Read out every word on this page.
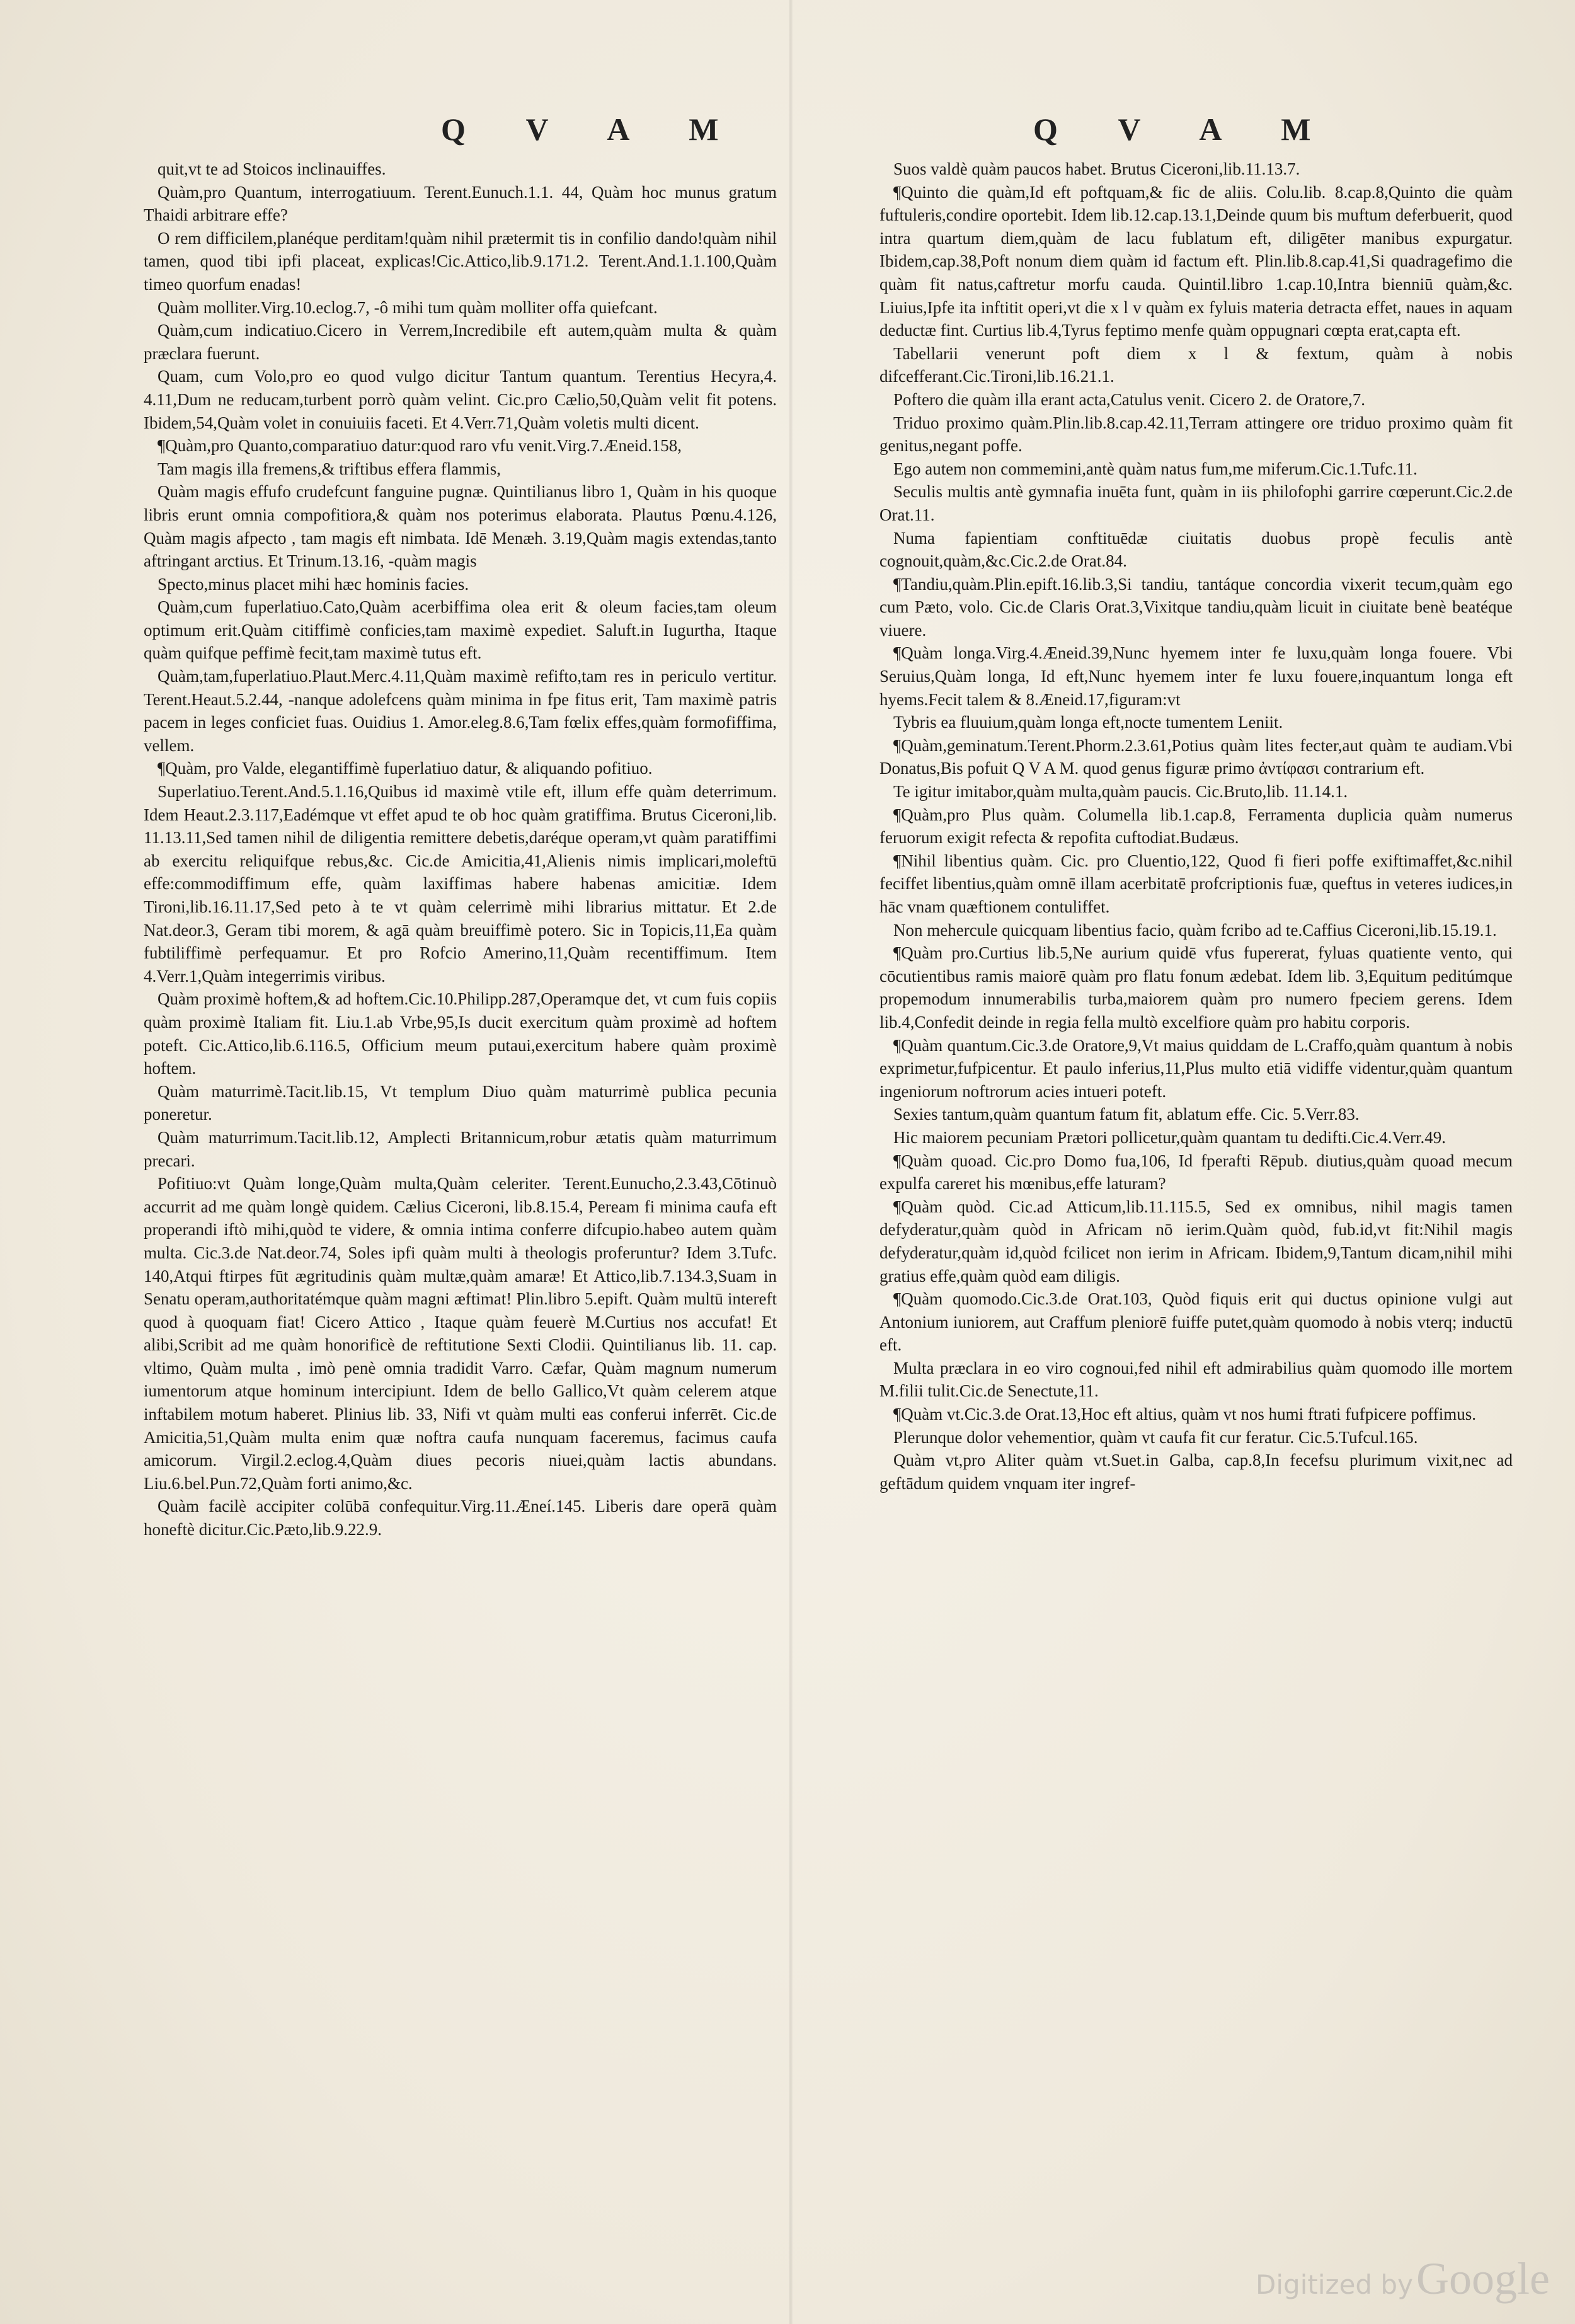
Q V A M	Q V A M

quit,vt te ad Stoicos inclinauiffes.

Quàm,pro Quantum, interrogatiuum. Terent.Eunuch.1.1. 44, Quàm hoc munus gratum Thaidi arbitrare effe?

O rem difficilem,planéque perditam!quàm nihil prætermit tis in confilio dando!quàm nihil tamen, quod tibi ipfi placeat, explicas!Cic.Attico,lib.9.171.2. Terent.And.1.1.100,Quàm timeo quorfum enadas!

Quàm molliter.Virg.10.eclog.7, -ô mihi tum quàm molliter offa quiefcant.

Quàm,cum indicatiuo.Cicero in Verrem,Incredibile eft autem,quàm multa & quàm præclara fuerunt.

Quam, cum Volo,pro eo quod vulgo dicitur Tantum quantum. Terentius Hecyra,4. 4.11,Dum ne reducam,turbent porrò quàm velint. Cic.pro Cælio,50,Quàm velit fit potens. Ibidem,54,Quàm volet in conuiuiis faceti. Et 4.Verr.71,Quàm voletis multi dicent.

¶Quàm,pro Quanto,comparatiuo datur:quod raro vfu venit.Virg.7.Æneid.158,

Tam magis illa fremens,& triftibus effera flammis,

Quàm magis effufo crudefcunt fanguine pugnæ. Quintilianus libro 1, Quàm in his quoque libris erunt omnia compofitiora,& quàm nos poterimus elaborata. Plautus Pœnu.4.126, Quàm magis afpecto , tam magis eft nimbata. Idē Menæh. 3.19,Quàm magis extendas,tanto aftringant arctius. Et Trinum.13.16, -quàm magis

Specto,minus placet mihi hæc hominis facies.

Quàm,cum fuperlatiuo.Cato,Quàm acerbiffima olea erit & oleum facies,tam oleum optimum erit.Quàm citiffimè conficies,tam maximè expediet. Saluft.in Iugurtha, Itaque quàm quifque peffimè fecit,tam maximè tutus eft.

Quàm,tam,fuperlatiuo.Plaut.Merc.4.11,Quàm maximè refifto,tam res in periculo vertitur. Terent.Heaut.5.2.44, -nanque adolefcens quàm minima in fpe fitus erit, Tam maximè patris pacem in leges conficiet fuas. Ouidius 1. Amor.eleg.8.6,Tam fœlix effes,quàm formofiffima, vellem.

¶Quàm, pro Valde, elegantiffimè fuperlatiuo datur, & aliquando pofitiuo.

Superlatiuo.Terent.And.5.1.16,Quibus id maximè vtile eft, illum effe quàm deterrimum. Idem Heaut.2.3.117,Eadémque vt effet apud te ob hoc quàm gratiffima. Brutus Ciceroni,lib. 11.13.11,Sed tamen nihil de diligentia remittere debetis,daréque operam,vt quàm paratiffimi ab exercitu reliquifque rebus,&c. Cic.de Amicitia,41,Alienis nimis implicari,moleftū effe:commodiffimum effe, quàm laxiffimas habere habenas amicitiæ. Idem Tironi,lib.16.11.17,Sed peto à te vt quàm celerrimè mihi librarius mittatur. Et 2.de Nat.deor.3, Geram tibi morem, & agā quàm breuiffimè potero. Sic in Topicis,11,Ea quàm fubtiliffimè perfequamur. Et pro Rofcio Amerino,11,Quàm recentiffimum. Item 4.Verr.1,Quàm integerrimis viribus.

Quàm proximè hoftem,& ad hoftem.Cic.10.Philipp.287,Operamque det, vt cum fuis copiis quàm proximè Italiam fit. Liu.1.ab Vrbe,95,Is ducit exercitum quàm proximè ad hoftem poteft. Cic.Attico,lib.6.116.5, Officium meum putaui,exercitum habere quàm proximè hoftem.

Quàm maturrimè.Tacit.lib.15, Vt templum Diuo quàm maturrimè publica pecunia poneretur.

Quàm maturrimum.Tacit.lib.12, Amplecti Britannicum,robur ætatis quàm maturrimum precari.

Pofitiuo:vt Quàm longe,Quàm multa,Quàm celeriter. Terent.Eunucho,2.3.43,Cōtinuò accurrit ad me quàm longè quidem. Cælius Ciceroni, lib.8.15.4, Peream fi minima caufa eft properandi iftò mihi,quòd te videre, & omnia intima conferre difcupio.habeo autem quàm multa. Cic.3.de Nat.deor.74, Soles ipfi quàm multi à theologis proferuntur? Idem 3.Tufc. 140,Atqui ftirpes fūt ægritudinis quàm multæ,quàm amaræ! Et Attico,lib.7.134.3,Suam in Senatu operam,authoritatémque quàm magni æftimat! Plin.libro 5.epift. Quàm multū intereft quod à quoquam fiat! Cicero Attico , Itaque quàm feuerè M.Curtius nos accufat! Et alibi,Scribit ad me quàm honorificè de reftitutione Sexti Clodii. Quintilianus lib. 11. cap. vltimo, Quàm multa , imò penè omnia tradidit Varro. Cæfar, Quàm magnum numerum iumentorum atque hominum intercipiunt. Idem de bello Gallico,Vt quàm celerem atque inftabilem motum haberet. Plinius lib. 33, Nifi vt quàm multi eas conferui inferrēt. Cic.de Amicitia,51,Quàm multa enim quæ noftra caufa nunquam faceremus, facimus caufa amicorum. Virgil.2.eclog.4,Quàm diues pecoris niuei,quàm lactis abundans. Liu.6.bel.Pun.72,Quàm forti animo,&c.

Quàm facilè accipiter colūbā confequitur.Virg.11.Æneí.145. Liberis dare operā quàm honeftè dicitur.Cic.Pæto,lib.9.22.9.

Suos valdè quàm paucos habet. Brutus Ciceroni,lib.11.13.7.

¶Quinto die quàm,Id eft poftquam,& fic de aliis. Colu.lib. 8.cap.8,Quinto die quàm fuftuleris,condire oportebit. Idem lib.12.cap.13.1,Deinde quum bis muftum deferbuerit, quod intra quartum diem,quàm de lacu fublatum eft, diligēter manibus expurgatur. Ibidem,cap.38,Poft nonum diem quàm id factum eft. Plin.lib.8.cap.41,Si quadragefimo die quàm fit natus,caftretur morfu cauda. Quintil.libro 1.cap.10,Intra bienniū quàm,&c. Liuius,Ipfe ita inftitit operi,vt die x l v quàm ex fyluis materia detracta effet, naues in aquam deductæ fint. Curtius lib.4,Tyrus feptimo menfe quàm oppugnari cœpta erat,capta eft.

Tabellarii venerunt poft diem x l & fextum, quàm à nobis difcefferant.Cic.Tironi,lib.16.21.1.

Poftero die quàm illa erant acta,Catulus venit. Cicero 2. de Oratore,7.

Triduo proximo quàm.Plin.lib.8.cap.42.11,Terram attingere ore triduo proximo quàm fit genitus,negant poffe.

Ego autem non commemini,antè quàm natus fum,me miferum.Cic.1.Tufc.11.

Seculis multis antè gymnafia inuēta funt, quàm in iis philofophi garrire cœperunt.Cic.2.de Orat.11.

Numa fapientiam conftituēdæ ciuitatis duobus propè feculis antè cognouit,quàm,&c.Cic.2.de Orat.84.

¶Tandiu,quàm.Plin.epift.16.lib.3,Si tandiu, tantáque concordia vixerit tecum,quàm ego cum Pæto, volo. Cic.de Claris Orat.3,Vixitque tandiu,quàm licuit in ciuitate benè beatéque viuere.

¶Quàm longa.Virg.4.Æneid.39,Nunc hyemem inter fe luxu,quàm longa fouere. Vbi Seruius,Quàm longa, Id eft,Nunc hyemem inter fe luxu fouere,inquantum longa eft hyems.Fecit talem & 8.Æneid.17,figuram:vt

Tybris ea fluuium,quàm longa eft,nocte tumentem Leniit.

¶Quàm,geminatum.Terent.Phorm.2.3.61,Potius quàm lites fecter,aut quàm te audiam.Vbi Donatus,Bis pofuit Q V A M. quod genus figuræ primo ἀντίφασι contrarium eft.

Te igitur imitabor,quàm multa,quàm paucis. Cic.Bruto,lib. 11.14.1.

¶Quàm,pro Plus quàm. Columella lib.1.cap.8, Ferramenta duplicia quàm numerus feruorum exigit refecta & repofita cuftodiat.Budæus.

¶Nihil libentius quàm. Cic. pro Cluentio,122, Quod fi fieri poffe exiftimaffet,&c.nihil feciffet libentius,quàm omnē illam acerbitatē profcriptionis fuæ, queftus in veteres iudices,in hāc vnam quæftionem contuliffet.

Non mehercule quicquam libentius facio, quàm fcribo ad te.Caffius Ciceroni,lib.15.19.1.

¶Quàm pro.Curtius lib.5,Ne aurium quidē vfus fupererat, fyluas quatiente vento, qui cōcutientibus ramis maiorē quàm pro flatu fonum ædebat. Idem lib. 3,Equitum peditúmque propemodum innumerabilis turba,maiorem quàm pro numero fpeciem gerens. Idem lib.4,Confedit deinde in regia fella multò excelfiore quàm pro habitu corporis.

¶Quàm quantum.Cic.3.de Oratore,9,Vt maius quiddam de L.Craffo,quàm quantum à nobis exprimetur,fufpicentur. Et paulo inferius,11,Plus multo etiā vidiffe videntur,quàm quantum ingeniorum noftrorum acies intueri poteft.

Sexies tantum,quàm quantum fatum fit, ablatum effe. Cic. 5.Verr.83.

Hic maiorem pecuniam Prætori pollicetur,quàm quantam tu dedifti.Cic.4.Verr.49.

¶Quàm quoad. Cic.pro Domo fua,106, Id fperafti Rēpub. diutius,quàm quoad mecum expulfa careret his mœnibus,effe laturam?

¶Quàm quòd. Cic.ad Atticum,lib.11.115.5, Sed ex omnibus, nihil magis tamen defyderatur,quàm quòd in Africam nō ierim.Quàm quòd, fub.id,vt fit:Nihil magis defyderatur,quàm id,quòd fcilicet non ierim in Africam. Ibidem,9,Tantum dicam,nihil mihi gratius effe,quàm quòd eam diligis.

¶Quàm quomodo.Cic.3.de Orat.103, Quòd fiquis erit qui ductus opinione vulgi aut Antonium iuniorem, aut Craffum pleniorē fuiffe putet,quàm quomodo à nobis vterq; inductū eft.

Multa præclara in eo viro cognoui,fed nihil eft admirabilius quàm quomodo ille mortem M.filii tulit.Cic.de Senectute,11.

¶Quàm vt.Cic.3.de Orat.13,Hoc eft altius, quàm vt nos humi ftrati fufpicere poffimus.

Plerunque dolor vehementior, quàm vt caufa fit cur feratur. Cic.5.Tufcul.165.

Quàm vt,pro Aliter quàm vt.Suet.in Galba, cap.8,In fecefsu plurimum vixit,nec ad geftādum quidem vnquam iter ingref-

Digitized by Google
